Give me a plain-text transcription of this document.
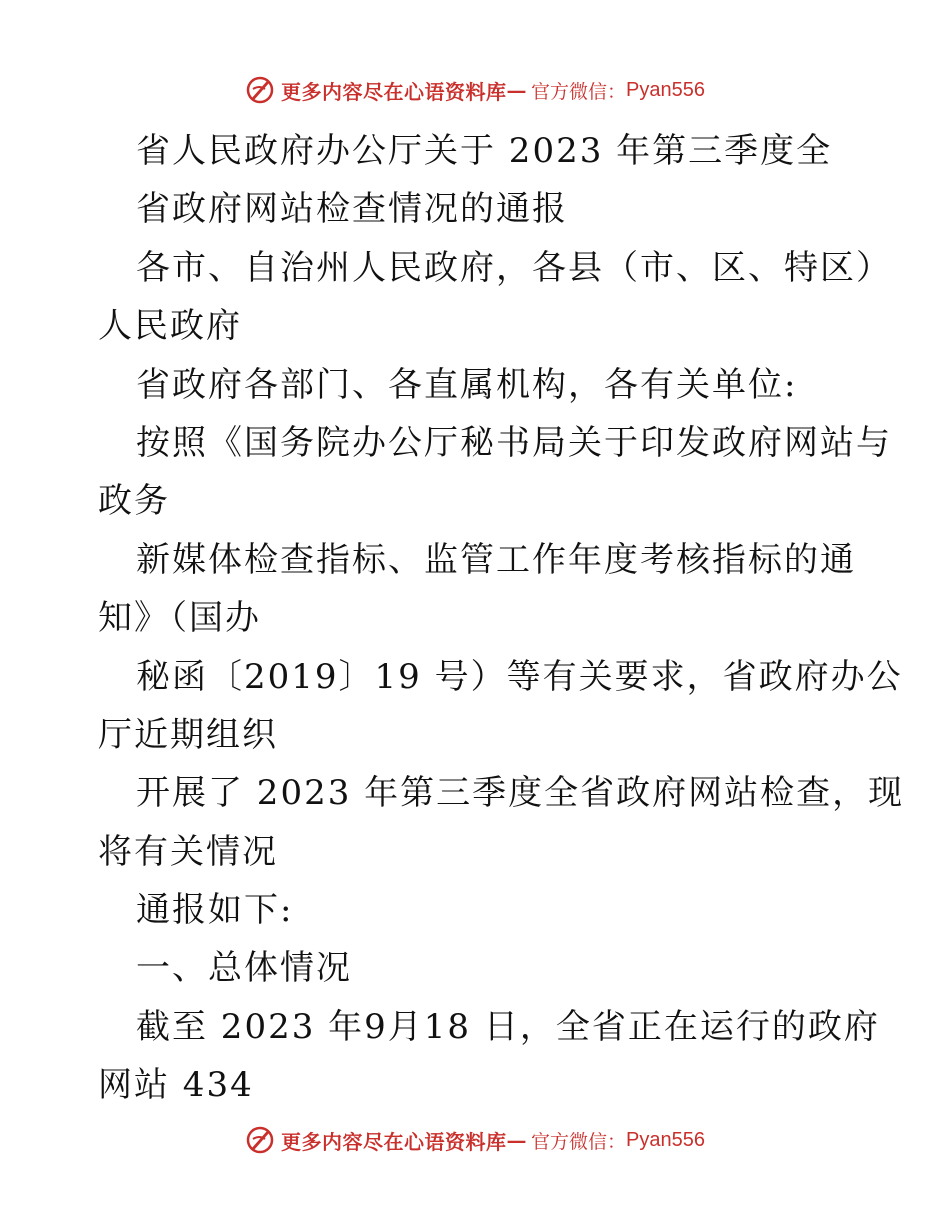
更多内容尽在心语资料库 — 官方微信： Pyan556
省人民政府办公厅关于 2023 年第三季度全
省政府网站检查情况的通报
各市、自治州人民政府，各县（市、区、特区）
人民政府
省政府各部门、各直属机构，各有关单位:
按照《国务院办公厅秘书局关于印发政府网站与
政务
新媒体检查指标、监管工作年度考核指标的通
知》（国办
秘函〔2019〕19 号）等有关要求，省政府办公
厅近期组织
开展了 2023 年第三季度全省政府网站检查，现
将有关情况
通报如下:
一、总体情况
截至 2023 年9月18 日，全省正在运行的政府
网站 434
更多内容尽在心语资料库 — 官方微信： Pyan556
